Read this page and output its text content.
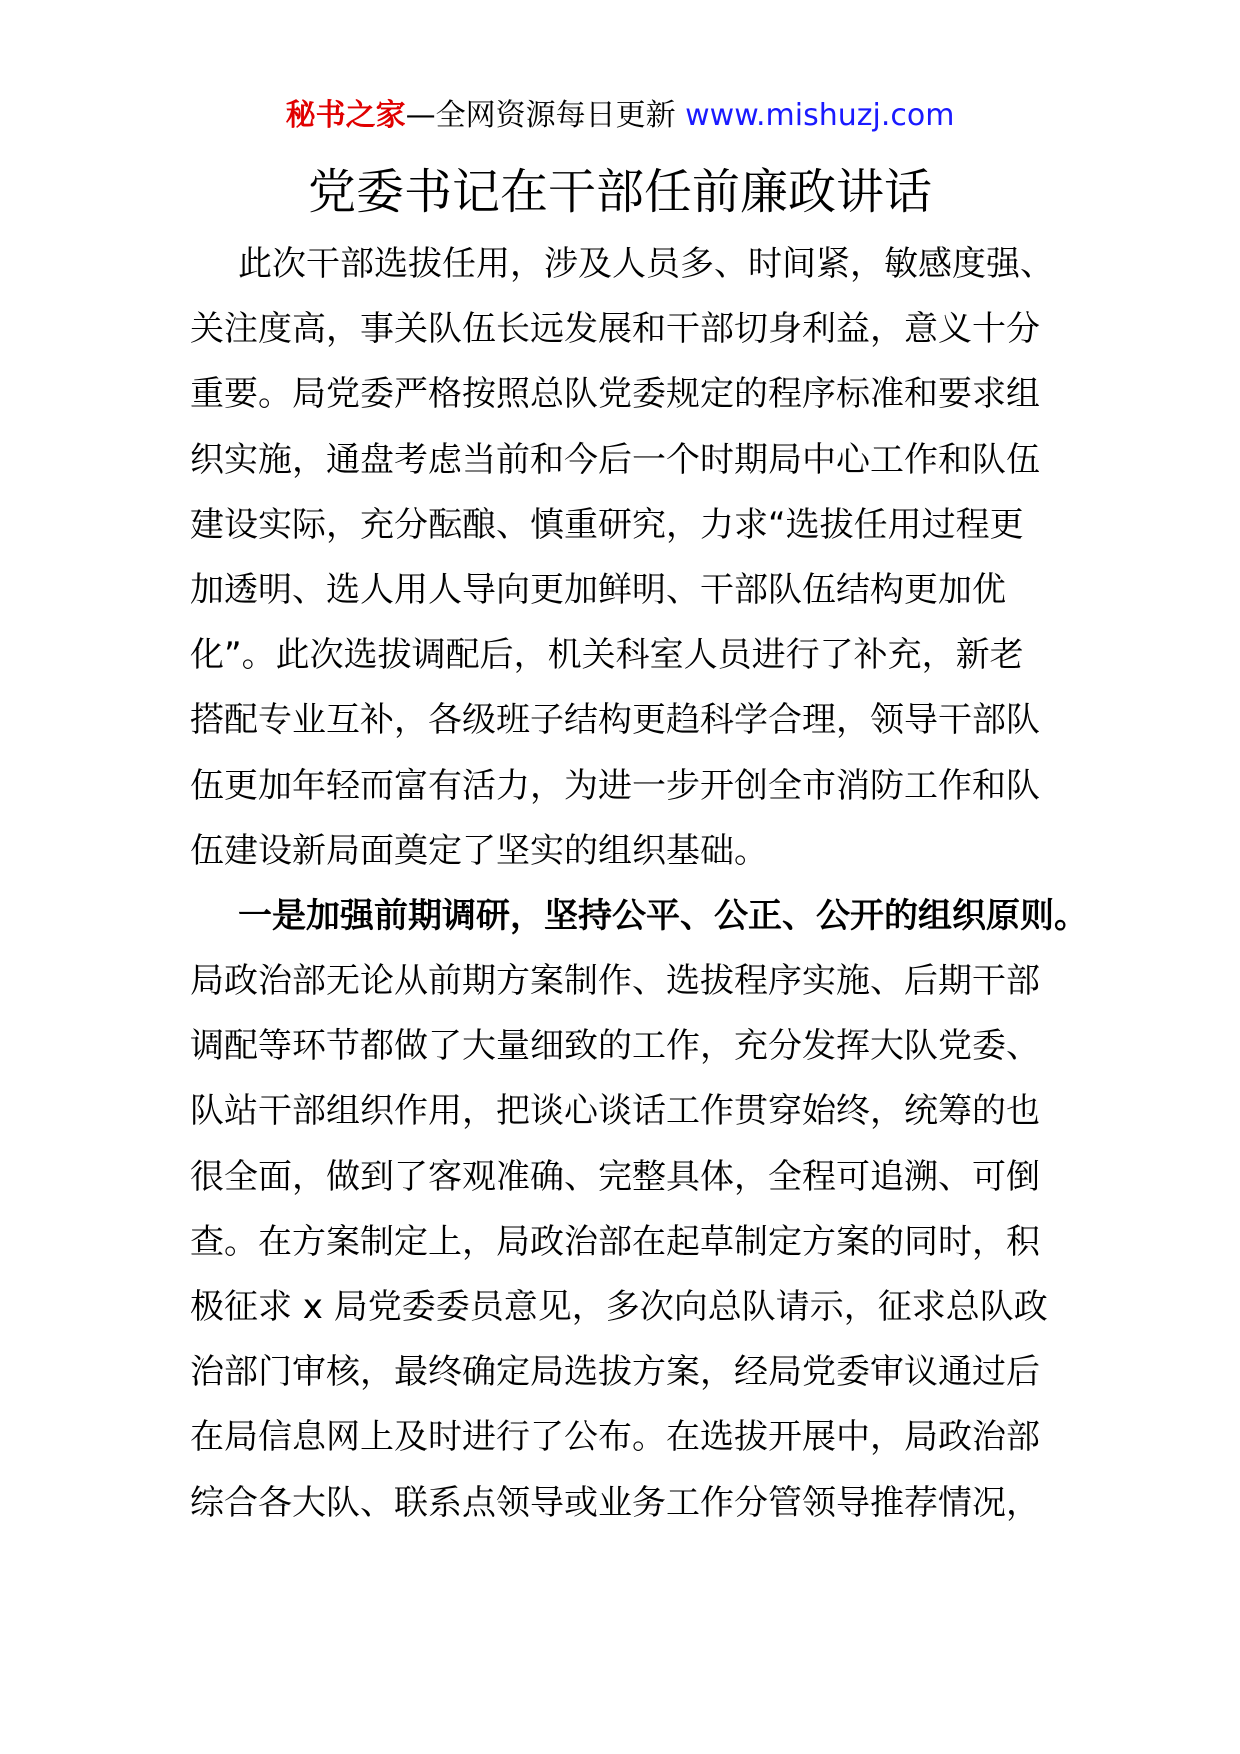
秘书之家—全网资源每日更新 www.mishuzj.com
党委书记在干部任前廉政讲话
此次干部选拔任用，涉及人员多、时间紧，敏感度强、
关注度高，事关队伍长远发展和干部切身利益，意义十分
重要。局党委严格按照总队党委规定的程序标准和要求组
织实施，通盘考虑当前和今后一个时期局中心工作和队伍
建设实际，充分酝酿、慎重研究，力求“选拔任用过程更
加透明、选人用人导向更加鲜明、干部队伍结构更加优
化”。此次选拔调配后，机关科室人员进行了补充，新老
搭配专业互补，各级班子结构更趋科学合理，领导干部队
伍更加年轻而富有活力，为进一步开创全市消防工作和队
伍建设新局面奠定了坚实的组织基础。
一是加强前期调研，坚持公平、公正、公开的组织原则。
局政治部无论从前期方案制作、选拔程序实施、后期干部
调配等环节都做了大量细致的工作，充分发挥大队党委、
队站干部组织作用，把谈心谈话工作贯穿始终，统筹的也
很全面，做到了客观准确、完整具体，全程可追溯、可倒
查。在方案制定上，局政治部在起草制定方案的同时，积
极征求 x 局党委委员意见，多次向总队请示，征求总队政
治部门审核，最终确定局选拔方案，经局党委审议通过后
在局信息网上及时进行了公布。在选拔开展中，局政治部
综合各大队、联系点领导或业务工作分管领导推荐情况，
